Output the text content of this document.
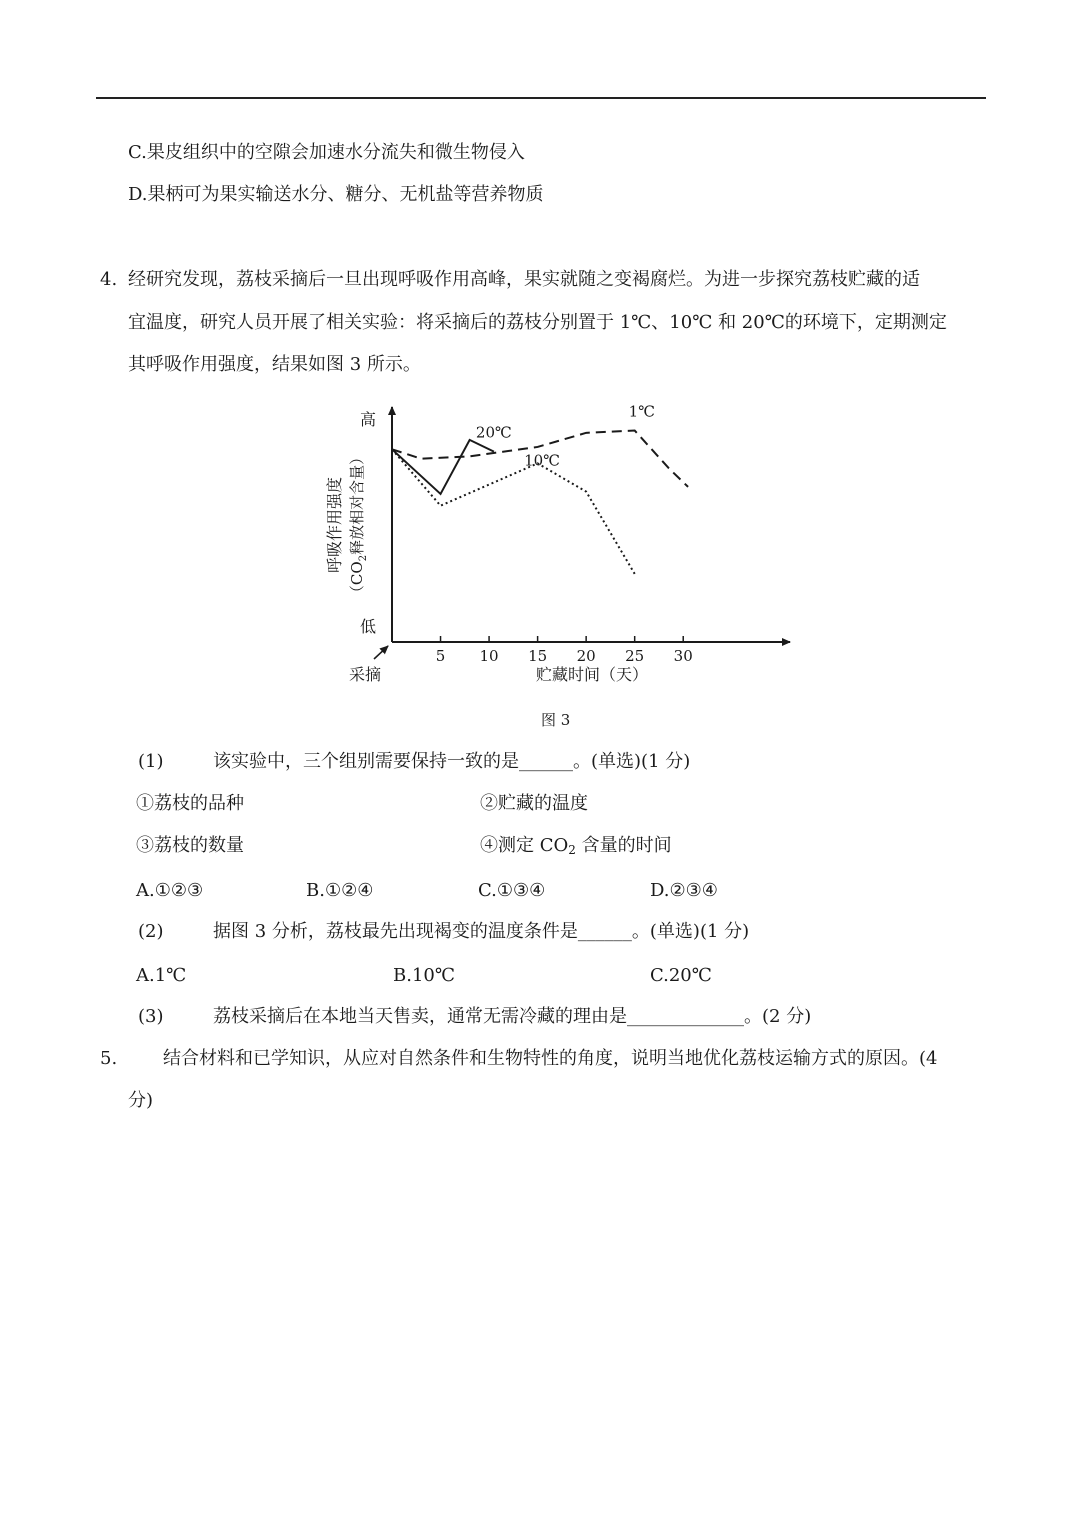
C.果皮组织中的空隙会加速水分流失和微生物侵入
D.果柄可为果实输送水分、糖分、无机盐等营养物质
4. 经研究发现，荔枝采摘后一旦出现呼吸作用高峰，果实就随之变褐腐烂。为进一步探究荔枝贮藏的适
宜温度，研究人员开展了相关实验：将采摘后的荔枝分别置于 1℃、10℃ 和 20℃的环境下，定期测定
其呼吸作用强度，结果如图 3 所示。
高
低
采摘	贮藏时间（天）
呼吸作用强度
（$CO_2$释放相对含量）
5 10 15 20 25 30
20℃
1℃
10℃
图 3
(1)	该实验中，三个组别需要保持一致的是______。(单选)(1 分)
①荔枝的品种	②贮藏的温度
③荔枝的数量	④测定 $CO_2$ 含量的时间
A.①②③	B.①②④	C.①③④	D.②③④
(2)	据图 3 分析，荔枝最先出现褐变的温度条件是______。(单选)(1 分)
A.1℃	B.10℃	C.20℃
(3)	荔枝采摘后在本地当天售卖，通常无需冷藏的理由是_____________。(2 分)
5.	结合材料和已学知识，从应对自然条件和生物特性的角度，说明当地优化荔枝运输方式的原因。(4
分)
